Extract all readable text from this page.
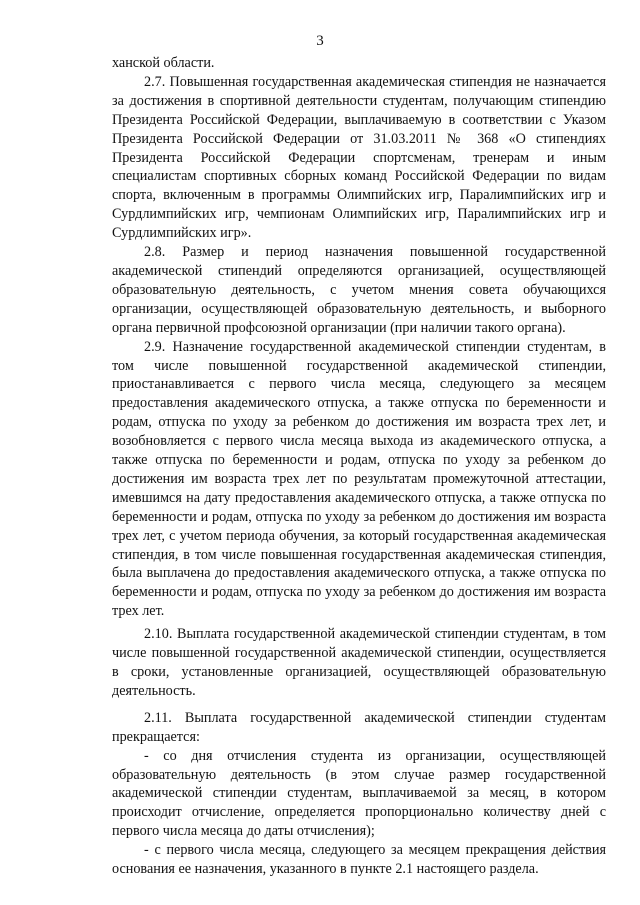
3

ханской области.

2.7. Повышенная государственная академическая стипендия не назначается за достижения в спортивной деятельности студентам, получающим стипендию Президента Российской Федерации, выплачиваемую в соответствии с Указом Президента Российской Федерации от 31.03.2011 № 368 «О стипендиях Президента Российской Федерации спортсменам, тренерам и иным специалистам спортивных сборных команд Российской Федерации по видам спорта, включенным в программы Олимпийских игр, Паралимпийских игр и Сурдлимпийских игр, чемпионам Олимпийских игр, Паралимпийских игр и Сурдлимпийских игр».

2.8. Размер и период назначения повышенной государственной академической стипендий определяются организацией, осуществляющей образовательную деятельность, с учетом мнения совета обучающихся организации, осуществляющей образовательную деятельность, и выборного органа первичной профсоюзной организации (при наличии такого органа).

2.9. Назначение государственной академической стипендии студентам, в том числе повышенной государственной академической стипендии, приостанавливается с первого числа месяца, следующего за месяцем предоставления академического отпуска, а также отпуска по беременности и родам, отпуска по уходу за ребенком до достижения им возраста трех лет, и возобновляется с первого числа месяца выхода из академического отпуска, а также отпуска по беременности и родам, отпуска по уходу за ребенком до достижения им возраста трех лет по результатам промежуточной аттестации, имевшимся на дату предоставления академического отпуска, а также отпуска по беременности и родам, отпуска по уходу за ребенком до достижения им возраста трех лет, с учетом периода обучения, за который государственная академическая стипендия, в том числе повышенная государственная академическая стипендия, была выплачена до предоставления академического отпуска, а также отпуска по беременности и родам, отпуска по уходу за ребенком до достижения им возраста трех лет.

2.10. Выплата государственной академической стипендии студентам, в том числе повышенной государственной академической стипендии, осуществляется в сроки, установленные организацией, осуществляющей образовательную деятельность.

2.11. Выплата государственной академической стипендии студентам прекращается:

- со дня отчисления студента из организации, осуществляющей образовательную деятельность (в этом случае размер государственной академической стипендии студентам, выплачиваемой за месяц, в котором происходит отчисление, определяется пропорционально количеству дней с первого числа месяца до даты отчисления);

- с первого числа месяца, следующего за месяцем прекращения действия основания ее назначения, указанного в пункте 2.1 настоящего раздела.
